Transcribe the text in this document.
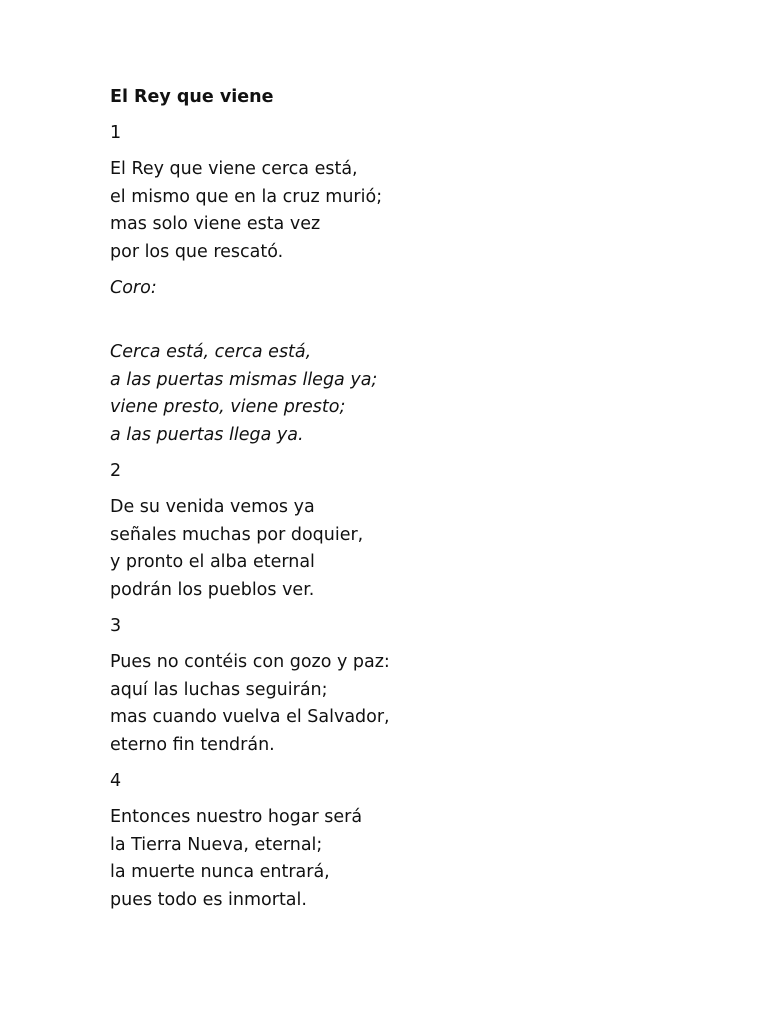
El Rey que viene
1
El Rey que viene cerca está,
el mismo que en la cruz murió;
mas solo viene esta vez
por los que rescató.
Coro:
Cerca está, cerca está,
a las puertas mismas llega ya;
viene presto, viene presto;
a las puertas llega ya.
2
De su venida vemos ya
señales muchas por doquier,
y pronto el alba eternal
podrán los pueblos ver.
3
Pues no contéis con gozo y paz:
aquí las luchas seguirán;
mas cuando vuelva el Salvador,
eterno fin tendrán.
4
Entonces nuestro hogar será
la Tierra Nueva, eternal;
la muerte nunca entrará,
pues todo es inmortal.
